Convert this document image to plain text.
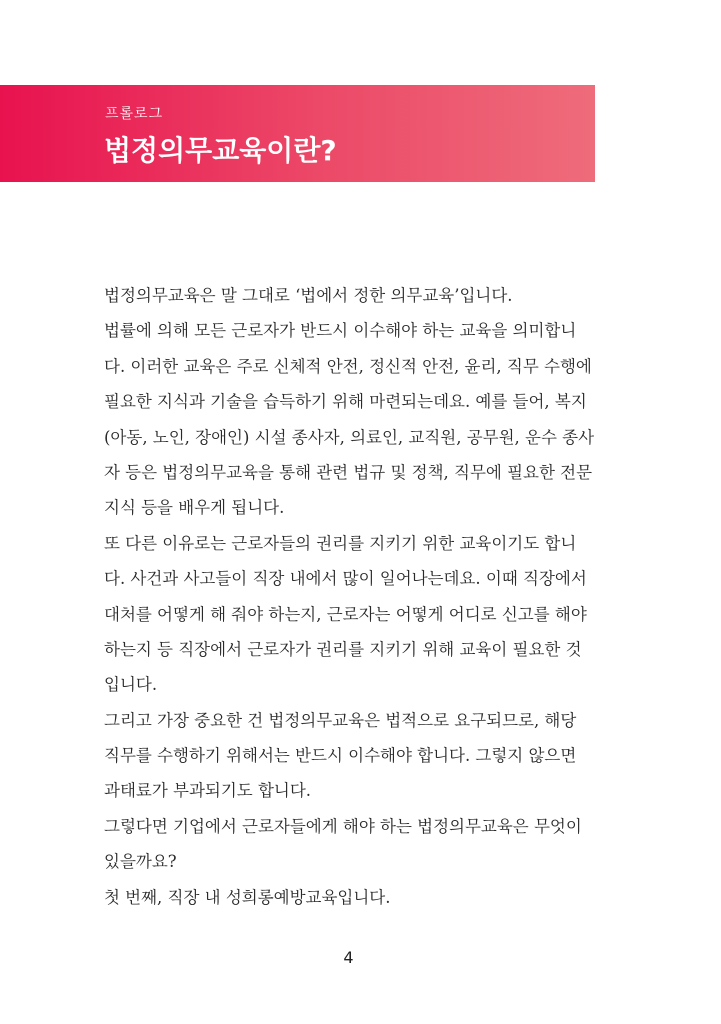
프롤로그
법정의무교육이란?
법정의무교육은 말 그대로 ‘법에서 정한 의무교육’입니다.
법률에 의해 모든 근로자가 반드시 이수해야 하는 교육을 의미합니
다. 이러한 교육은 주로 신체적 안전, 정신적 안전, 윤리, 직무 수행에
필요한 지식과 기술을 습득하기 위해 마련되는데요. 예를 들어, 복지
(아동, 노인, 장애인) 시설 종사자, 의료인, 교직원, 공무원, 운수 종사
자 등은 법정의무교육을 통해 관련 법규 및 정책, 직무에 필요한 전문
지식 등을 배우게 됩니다.
또 다른 이유로는 근로자들의 권리를 지키기 위한 교육이기도 합니
다. 사건과 사고들이 직장 내에서 많이 일어나는데요. 이때 직장에서
대처를 어떻게 해 줘야 하는지, 근로자는 어떻게 어디로 신고를 해야
하는지 등 직장에서 근로자가 권리를 지키기 위해 교육이 필요한 것
입니다.
그리고 가장 중요한 건 법정의무교육은 법적으로 요구되므로, 해당
직무를 수행하기 위해서는 반드시 이수해야 합니다. 그렇지 않으면
과태료가 부과되기도 합니다.
그렇다면 기업에서 근로자들에게 해야 하는 법정의무교육은 무엇이
있을까요?
첫 번째, 직장 내 성희롱예방교육입니다.
4
